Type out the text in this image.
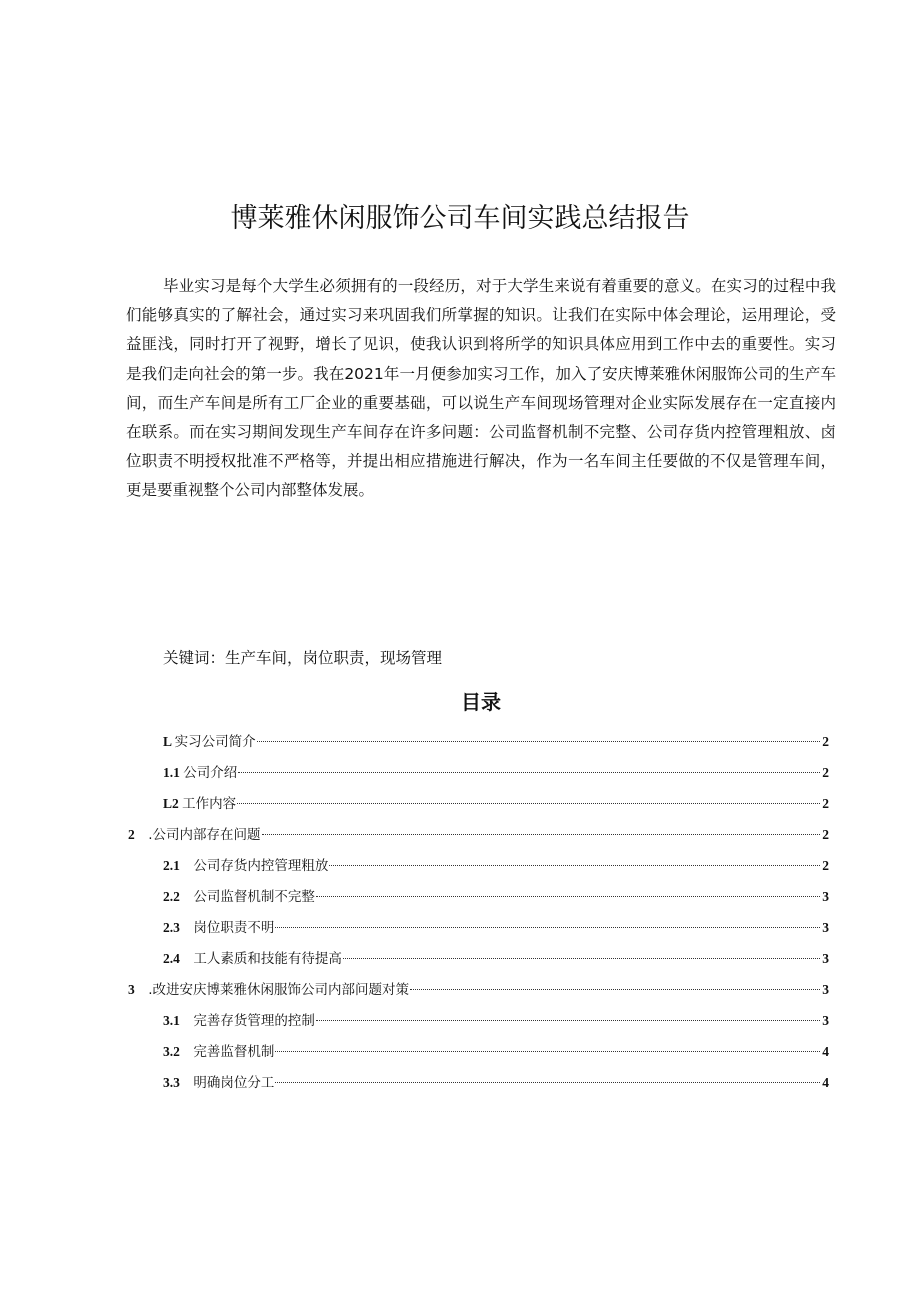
博莱雅休闲服饰公司车间实践总结报告

毕业实习是每个大学生必须拥有的一段经历，对于大学生来说有着重要的意义。在实习的过程中我们能够真实的了解社会，通过实习来巩固我们所掌握的知识。让我们在实际中体会理论，运用理论，受益匪浅，同时打开了视野，增长了见识，使我认识到将所学的知识具体应用到工作中去的重要性。实习是我们走向社会的第一步。我在2021年一月便参加实习工作，加入了安庆博莱雅休闲服饰公司的生产车间，而生产车间是所有工厂企业的重要基础，可以说生产车间现场管理对企业实际发展存在一定直接内在联系。而在实习期间发现生产车间存在许多问题：公司监督机制不完整、公司存货内控管理粗放、卤位职责不明授权批准不严格等，并提出相应措施进行解决，作为一名车间主任要做的不仅是管理车间，更是要重视整个公司内部整体发展。

关键词：生产车间，岗位职责，现场管理

目录
L 实习公司简介	2
1.1 公司介绍	2
L2 工作内容	2
2 .公司内部存在问题	2
2.1 公司存货内控管理粗放	2
2.2 公司监督机制不完整	3
2.3 岗位职责不明	3
2.4 工人素质和技能有待提高	3
3 .改进安庆博莱雅休闲服饰公司内部问题对策	3
3.1 完善存货管理的控制	3
3.2 完善监督机制	4
3.3 明确岗位分工	4
